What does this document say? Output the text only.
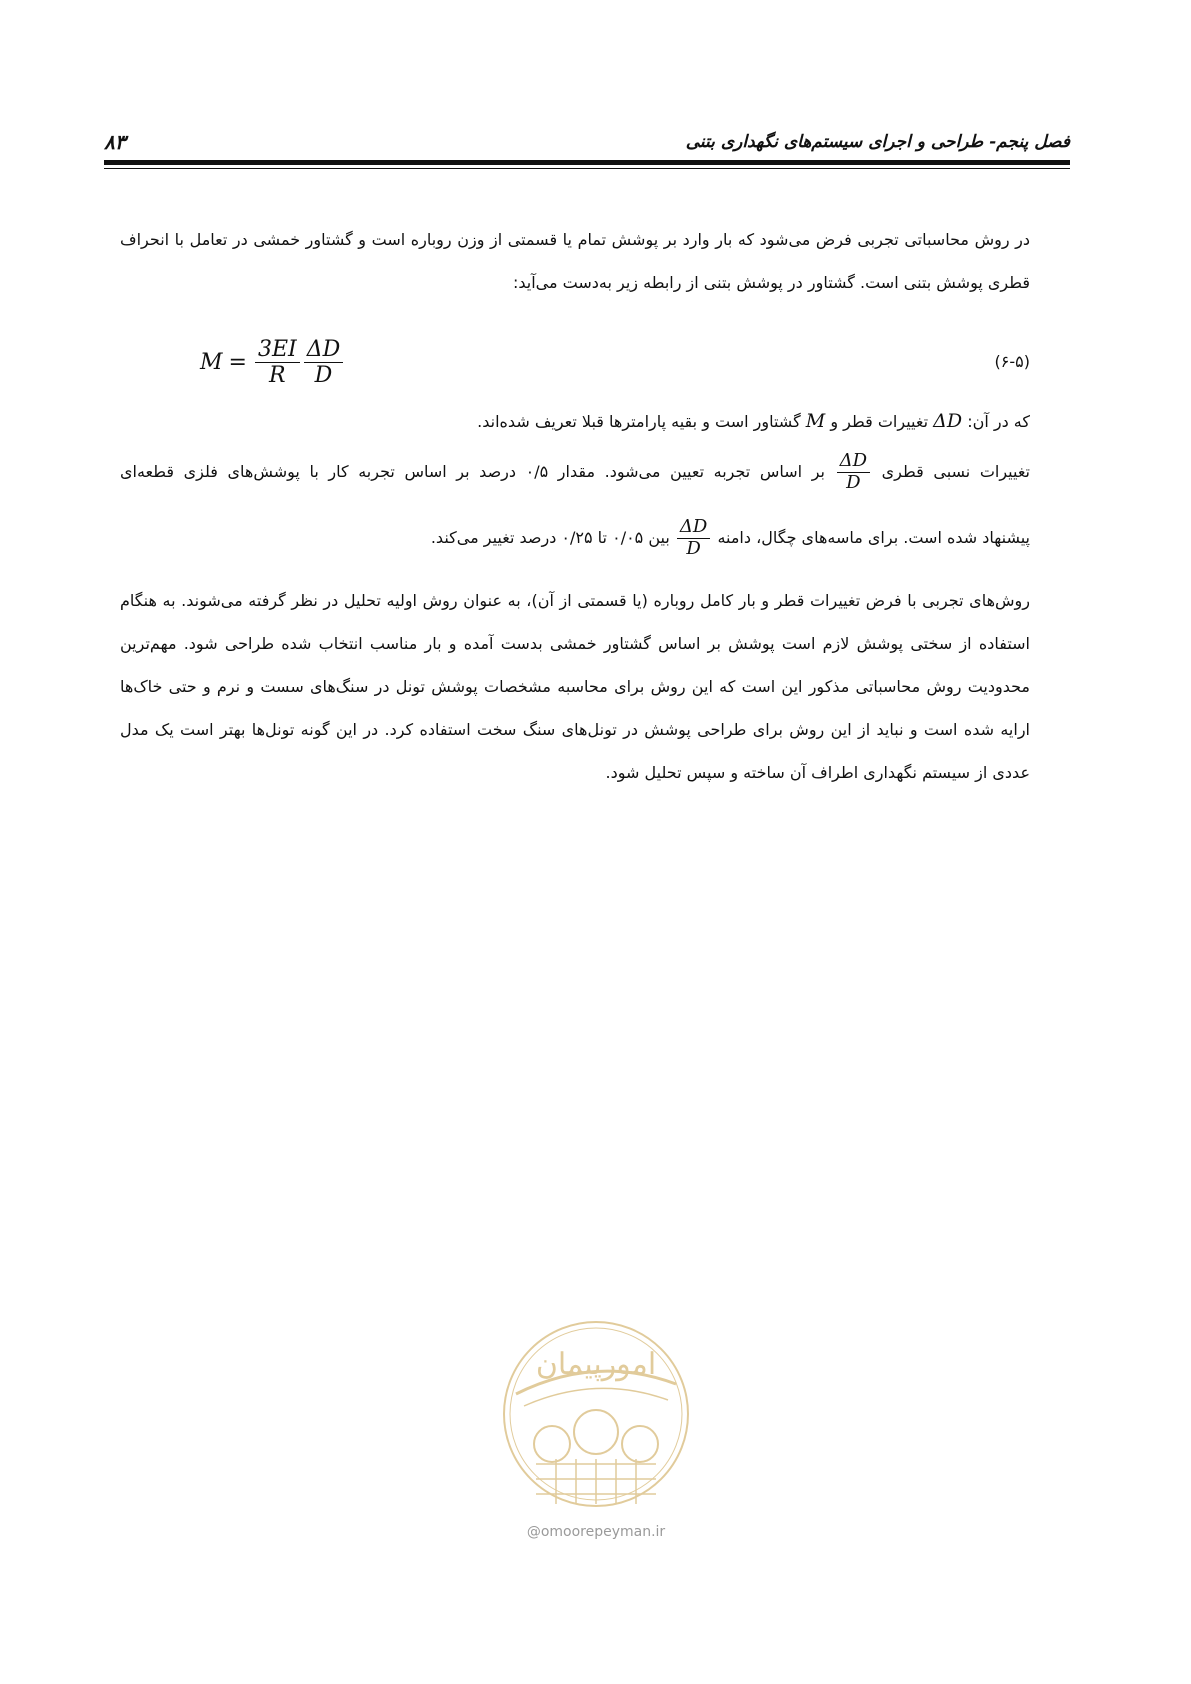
فصل پنجم- طراحی و اجرای سیستم‌های نگهداری بتنی
۸۳

در روش محاسباتی تجربی فرض می‌شود که بار وارد بر پوشش تمام یا قسمتی از وزن روباره است و گشتاور خمشی در تعامل با انحراف قطری پوشش بتنی است. گشتاور در پوشش بتنی از رابطه زیر به‌دست می‌آید:

$M = \frac{3EI}{R} \frac{\Delta D}{D}$	(۶-۵)
که در آن: ΔD تغییرات قطر و M گشتاور است و بقیه پارامترها قبلا تعریف شده‌اند.
تغییرات نسبی قطری
$\frac{\Delta D}{D}$
بر اساس تجربه تعیین می‌شود. مقدار ۰/۵ درصد بر اساس تجربه کار با پوشش‌های فلزی قطعه‌ای
پیشنهاد شده است. برای ماسه‌های چگال، دامنه
$\frac{\Delta D}{D}$
بین ۰/۰۵ تا ۰/۲۵ درصد تغییر می‌کند.

روش‌های تجربی با فرض تغییرات قطر و بار کامل روباره (یا قسمتی از آن)، به عنوان روش اولیه تحلیل در نظر گرفته می‌شوند. به هنگام استفاده از سختی پوشش لازم است پوشش بر اساس گشتاور خمشی بدست آمده و بار مناسب انتخاب شده طراحی شود. مهم‌ترین محدودیت روش محاسباتی مذکور این است که این روش برای محاسبه مشخصات پوشش تونل در سنگ‌های سست و نرم و حتی خاک‌ها ارایه شده است و نباید از این روش برای طراحی پوشش در تونل‌های سنگ سخت استفاده کرد. در این گونه تونل‌ها بهتر است یک مدل عددی از سیستم نگهداری اطراف آن ساخته و سپس تحلیل شود.

امورپیمان
@omoorepeyman.ir
